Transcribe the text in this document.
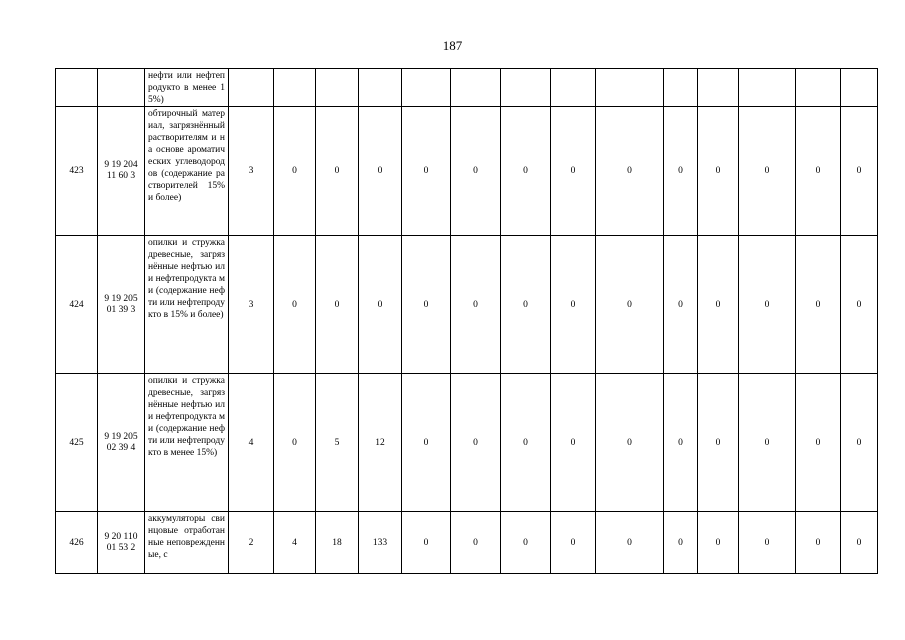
187
		нефти или нефтепродукто в менее 15%)														
423	9 19 204 11 60 3	обтирочный материал, загрязнённый растворителям и на основе ароматических углеводородов (содержание растворителей 15% и более)	3	0	0	0	0	0	0	0	0	0	0	0	0	0
424	9 19 205 01 39 3	опилки и стружка древесные, загрязнённые нефтью или нефтепродукта ми (содержание нефти или нефтепродукто в 15% и более)	3	0	0	0	0	0	0	0	0	0	0	0	0	0
425	9 19 205 02 39 4	опилки и стружка древесные, загрязнённые нефтью или нефтепродукта ми (содержание нефти или нефтепродукто в менее 15%)	4	0	5	12	0	0	0	0	0	0	0	0	0	0
426	9 20 110 01 53 2	аккумуляторы свинцовые отработанные неповрежденн ые, с	2	4	18	133	0	0	0	0	0	0	0	0	0	0
